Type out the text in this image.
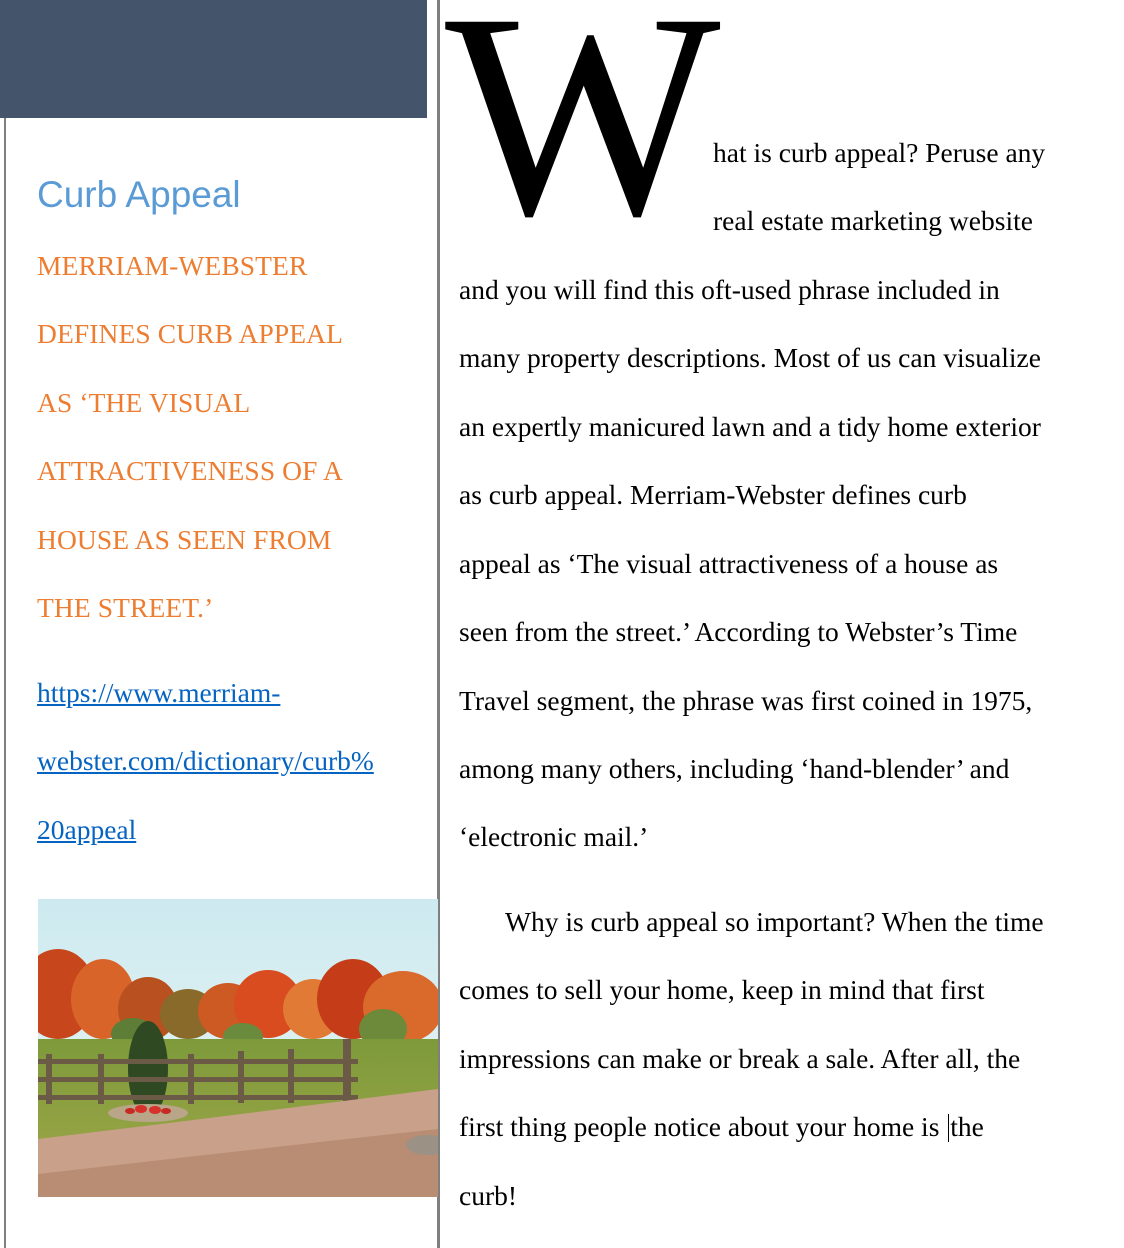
Curb Appeal
MERRIAM-WEBSTER
DEFINES CURB APPEAL
AS ‘THE VISUAL
ATTRACTIVENESS OF A
HOUSE AS SEEN FROM
THE STREET.’
https://www.merriam-
webster.com/dictionary/curb%
20appeal

W

hat is curb appeal? Peruse any

real estate marketing website

and you will find this oft-used phrase included in

many property descriptions. Most of us can visualize

an expertly manicured lawn and a tidy home exterior

as curb appeal. Merriam-Webster defines curb

appeal as ‘The visual attractiveness of a house as

seen from the street.’ According to Webster’s Time

Travel segment, the phrase was first coined in 1975,

among many others, including ‘hand-blender’ and

‘electronic mail.’

Why is curb appeal so important? When the time

comes to sell your home, keep in mind that first

impressions can make or break a sale. After all, the

first thing people notice about your home is the

curb!
